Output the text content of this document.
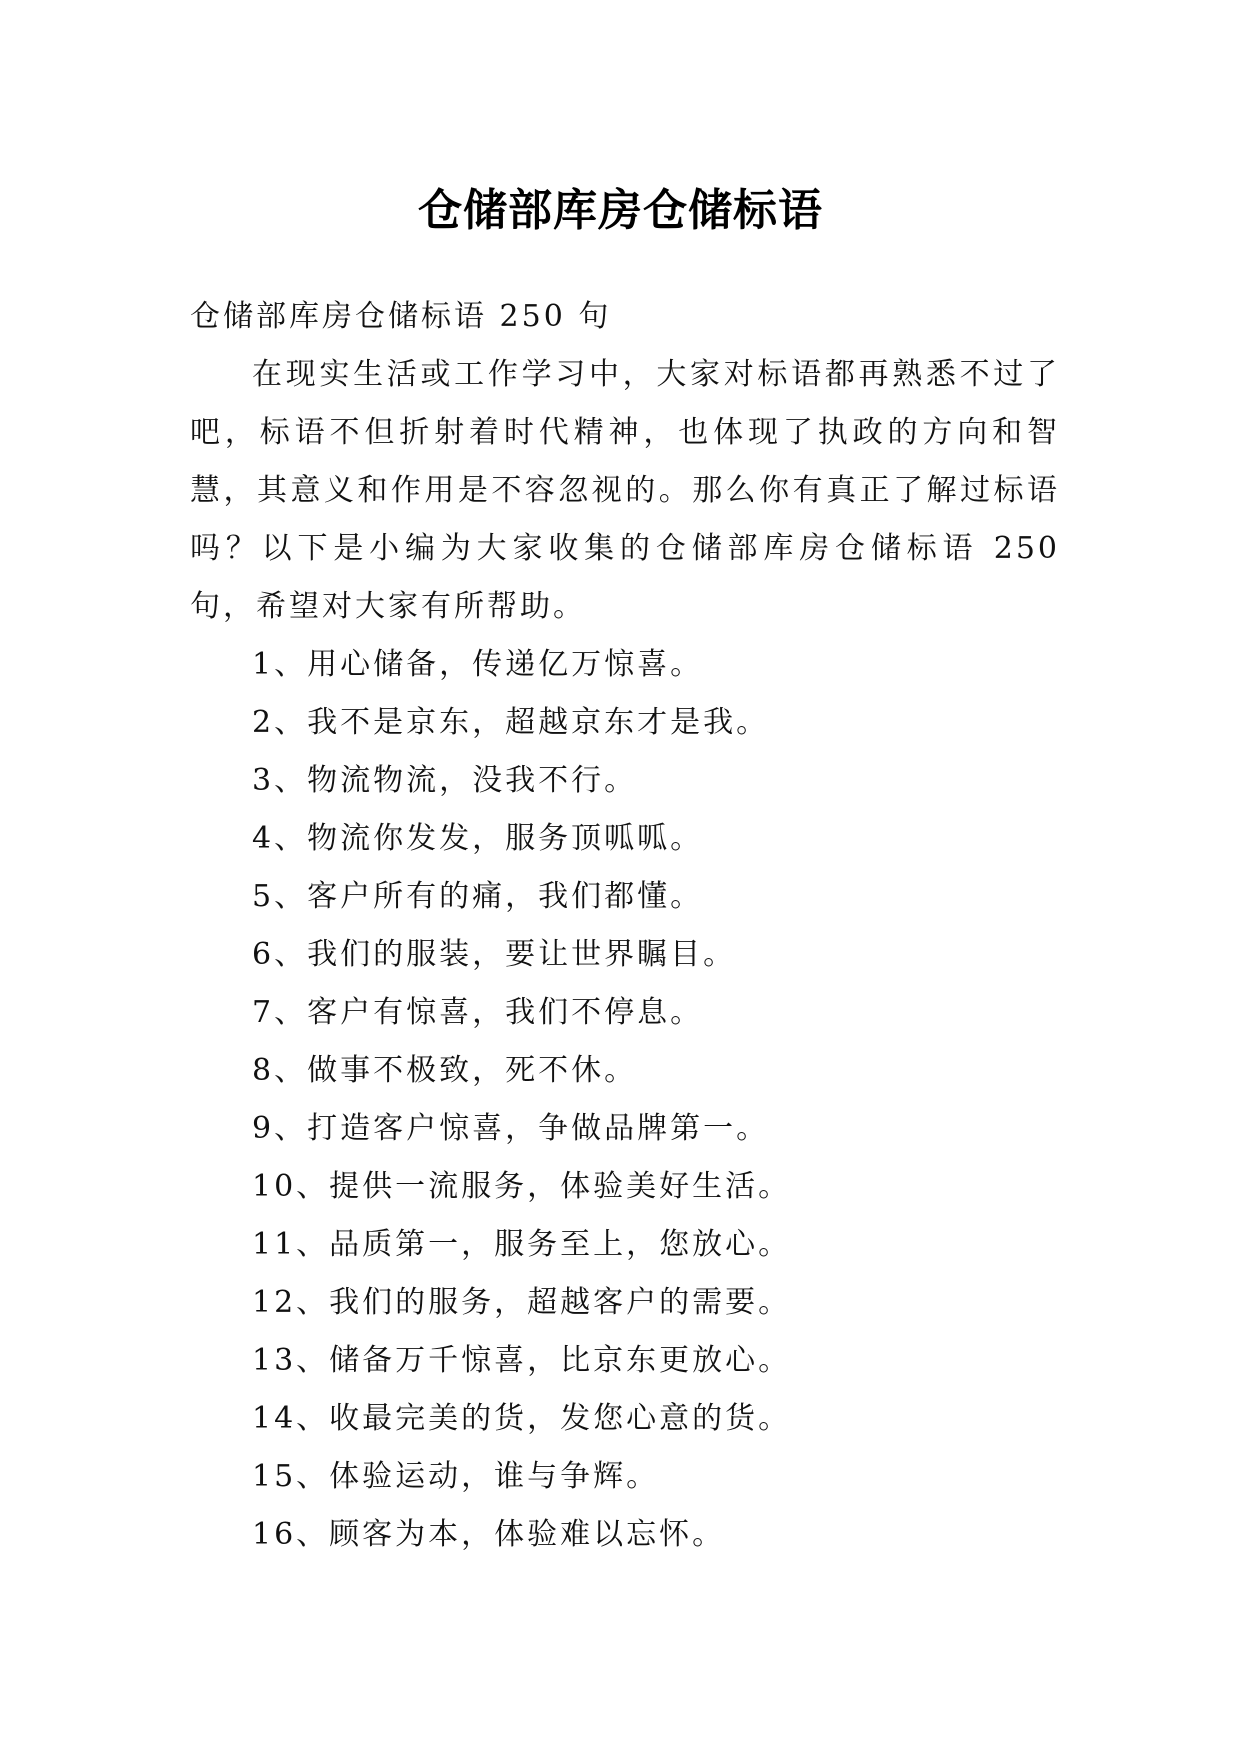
仓储部库房仓储标语

仓储部库房仓储标语 250 句

在现实生活或工作学习中，大家对标语都再熟悉不过了吧，标语不但折射着时代精神，也体现了执政的方向和智慧，其意义和作用是不容忽视的。那么你有真正了解过标语吗？以下是小编为大家收集的仓储部库房仓储标语 250 句，希望对大家有所帮助。

1、用心储备，传递亿万惊喜。
2、我不是京东，超越京东才是我。
3、物流物流，没我不行。
4、物流你发发，服务顶呱呱。
5、客户所有的痛，我们都懂。
6、我们的服装，要让世界瞩目。
7、客户有惊喜，我们不停息。
8、做事不极致，死不休。
9、打造客户惊喜，争做品牌第一。
10、提供一流服务，体验美好生活。
11、品质第一，服务至上，您放心。
12、我们的服务，超越客户的需要。
13、储备万千惊喜，比京东更放心。
14、收最完美的货，发您心意的货。
15、体验运动，谁与争辉。
16、顾客为本，体验难以忘怀。
